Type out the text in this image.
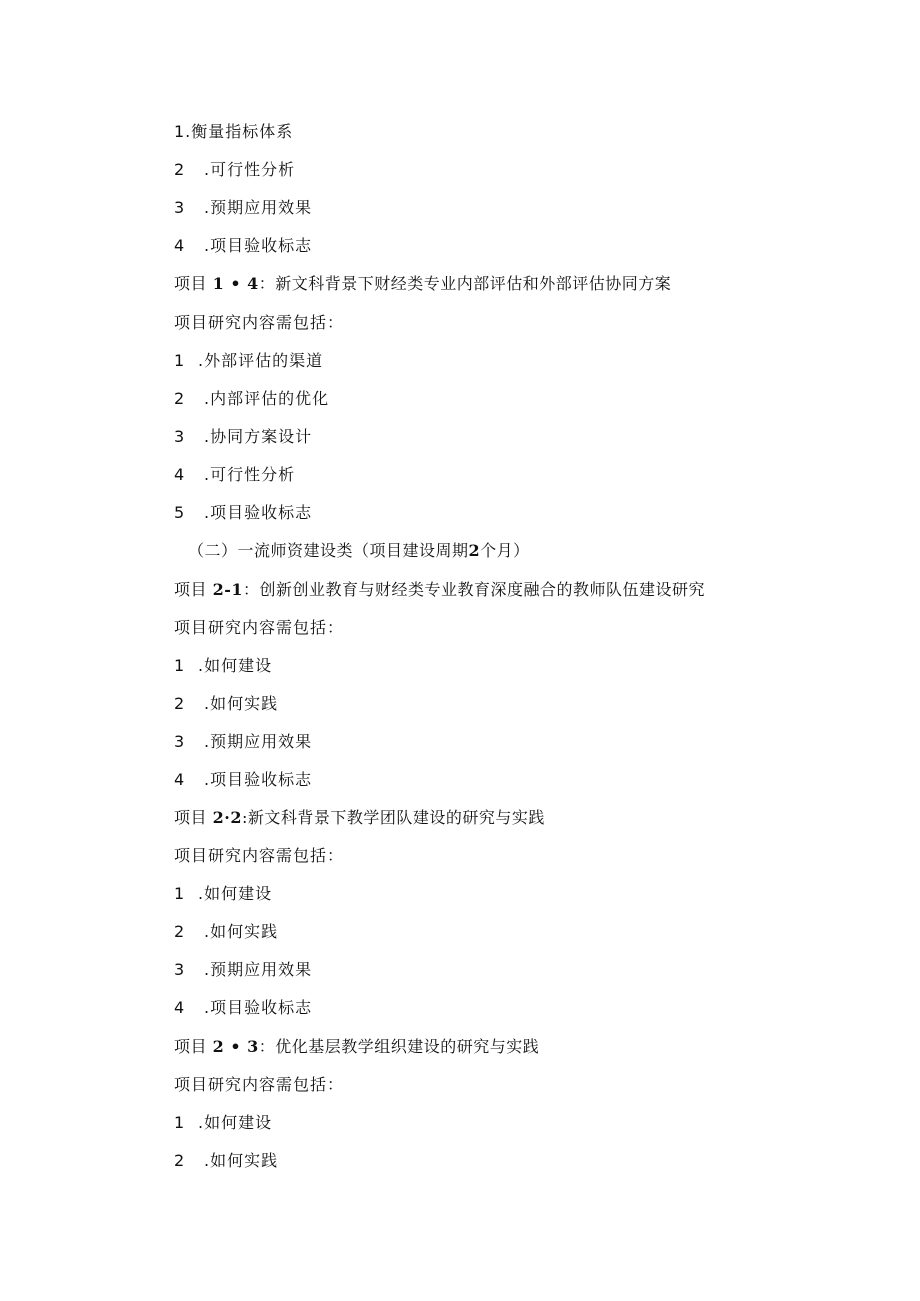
1.衡量指标体系
2 .可行性分析
3 .预期应用效果
4 .项目验收标志
项目 1 • 4：新文科背景下财经类专业内部评估和外部评估协同方案
项目研究内容需包括：
1 .外部评估的渠道
2 .内部评估的优化
3 .协同方案设计
4 .可行性分析
5 .项目验收标志
（二）一流师资建设类（项目建设周期2个月）
项目 2-1：创新创业教育与财经类专业教育深度融合的教师队伍建设研究
项目研究内容需包括：
1 .如何建设
2 .如何实践
3 .预期应用效果
4 .项目验收标志
项目 2·2:新文科背景下教学团队建设的研究与实践
项目研究内容需包括：
1 .如何建设
2 .如何实践
3 .预期应用效果
4 .项目验收标志
项目 2 • 3：优化基层教学组织建设的研究与实践
项目研究内容需包括：
1 .如何建设
2 .如何实践
